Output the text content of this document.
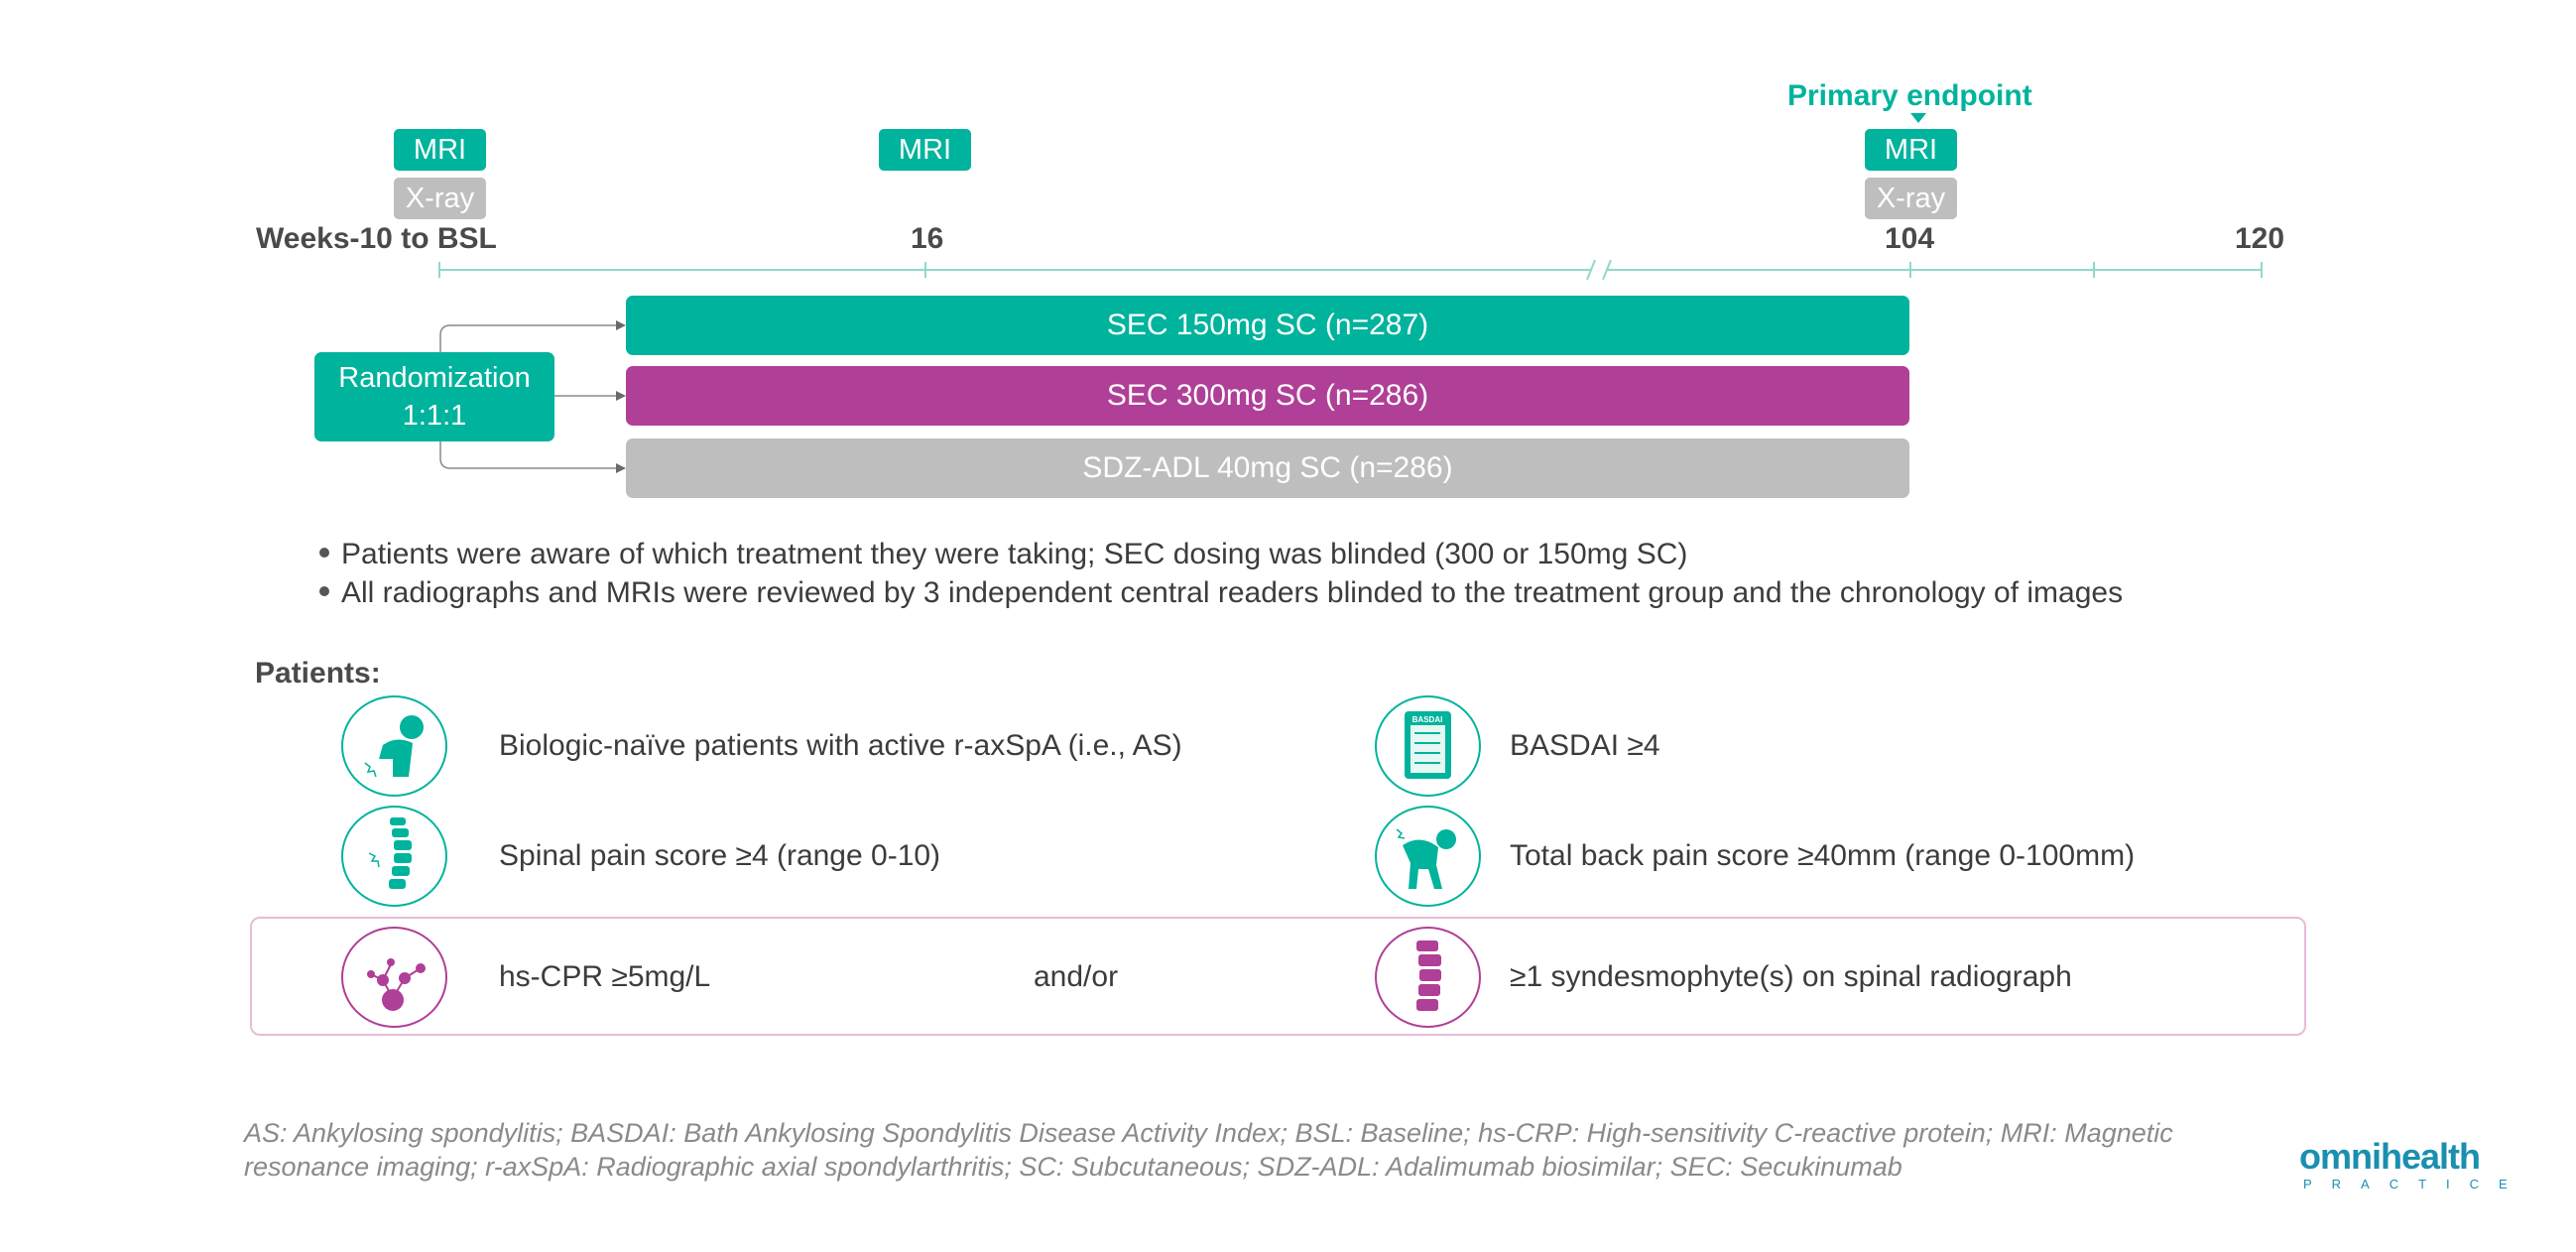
Primary endpoint
MRI
X-ray
MRI	MRI
X-ray
Weeks-10 to BSL	16	104	120
Randomization
1:1:1
SEC 150mg SC (n=287)
SEC 300mg SC (n=286)
SDZ-ADL 40mg SC (n=286)
Patients were aware of which treatment they were taking; SEC dosing was blinded (300 or 150mg SC)
All radiographs and MRIs were reviewed by 3 independent central readers blinded to the treatment group and the chronology of images
Patients:
BASDAI
Biologic-naïve patients with active r-axSpA (i.e., AS)	BASDAI ≥4
Spinal pain score ≥4 (range 0-10)	Total back pain score ≥40mm (range 0-100mm)
hs-CPR ≥5mg/L	and/or	≥1 syndesmophyte(s) on spinal radiograph
AS: Ankylosing spondylitis; BASDAI: Bath Ankylosing Spondylitis Disease Activity Index; BSL: Baseline; hs-CRP: High-sensitivity C-reactive protein; MRI: Magnetic
resonance imaging; r-axSpA: Radiographic axial spondylarthritis; SC: Subcutaneous; SDZ-ADL: Adalimumab biosimilar; SEC: Secukinumab	omnihealth
PRACTICE
